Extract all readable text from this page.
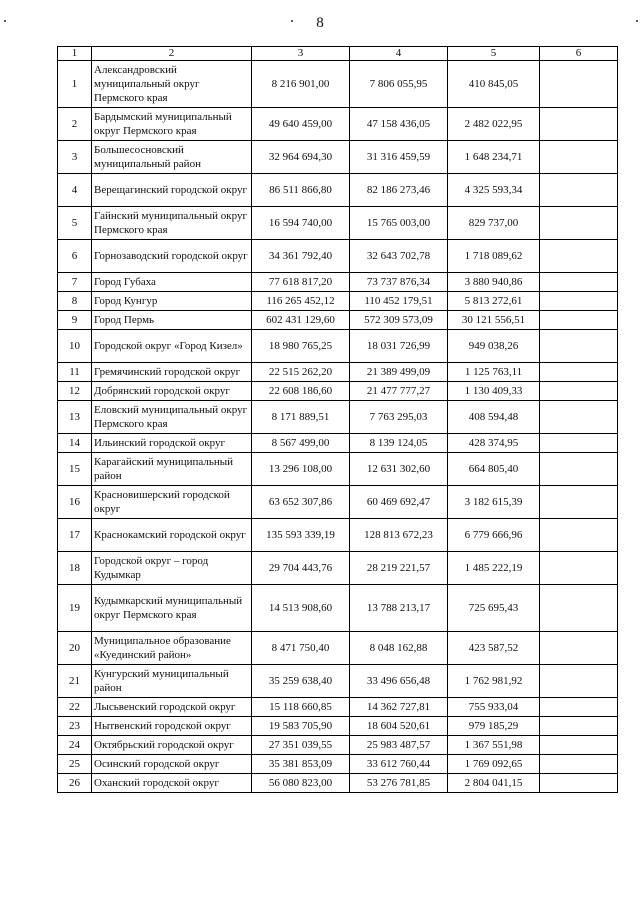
8
1	2	3	4	5	6
1	Александровский муниципальный округ Пермского края	8 216 901,00	7 806 055,95	410 845,05	
2	Бардымский муниципальный округ Пермского края	49 640 459,00	47 158 436,05	2 482 022,95	
3	Большесосновский муниципальный район	32 964 694,30	31 316 459,59	1 648 234,71	
4	Верещагинский городской округ	86 511 866,80	82 186 273,46	4 325 593,34	
5	Гайнский муниципальный округ Пермского края	16 594 740,00	15 765 003,00	829 737,00	
6	Горнозаводский городской округ	34 361 792,40	32 643 702,78	1 718 089,62	
7	Город Губаха	77 618 817,20	73 737 876,34	3 880 940,86	
8	Город Кунгур	116 265 452,12	110 452 179,51	5 813 272,61	
9	Город Пермь	602 431 129,60	572 309 573,09	30 121 556,51	
10	Городской округ «Город Кизел»	18 980 765,25	18 031 726,99	949 038,26	
11	Гремячинский городской округ	22 515 262,20	21 389 499,09	1 125 763,11	
12	Добрянский городской округ	22 608 186,60	21 477 777,27	1 130 409,33	
13	Еловский муниципальный округ Пермского края	8 171 889,51	7 763 295,03	408 594,48	
14	Ильинский городской округ	8 567 499,00	8 139 124,05	428 374,95	
15	Карагайский муниципальный район	13 296 108,00	12 631 302,60	664 805,40	
16	Красновишерский городской округ	63 652 307,86	60 469 692,47	3 182 615,39	
17	Краснокамский городской округ	135 593 339,19	128 813 672,23	6 779 666,96	
18	Городской округ – город Кудымкар	29 704 443,76	28 219 221,57	1 485 222,19	
19	Кудымкарский муниципальный округ Пермского края	14 513 908,60	13 788 213,17	725 695,43	
20	Муниципальное образование «Куединский район»	8 471 750,40	8 048 162,88	423 587,52	
21	Кунгурский муниципальный район	35 259 638,40	33 496 656,48	1 762 981,92	
22	Лысьвенский городской округ	15 118 660,85	14 362 727,81	755 933,04	
23	Нытвенский городской округ	19 583 705,90	18 604 520,61	979 185,29	
24	Октябрьский городской округ	27 351 039,55	25 983 487,57	1 367 551,98	
25	Осинский городской округ	35 381 853,09	33 612 760,44	1 769 092,65	
26	Оханский городской округ	56 080 823,00	53 276 781,85	2 804 041,15	
